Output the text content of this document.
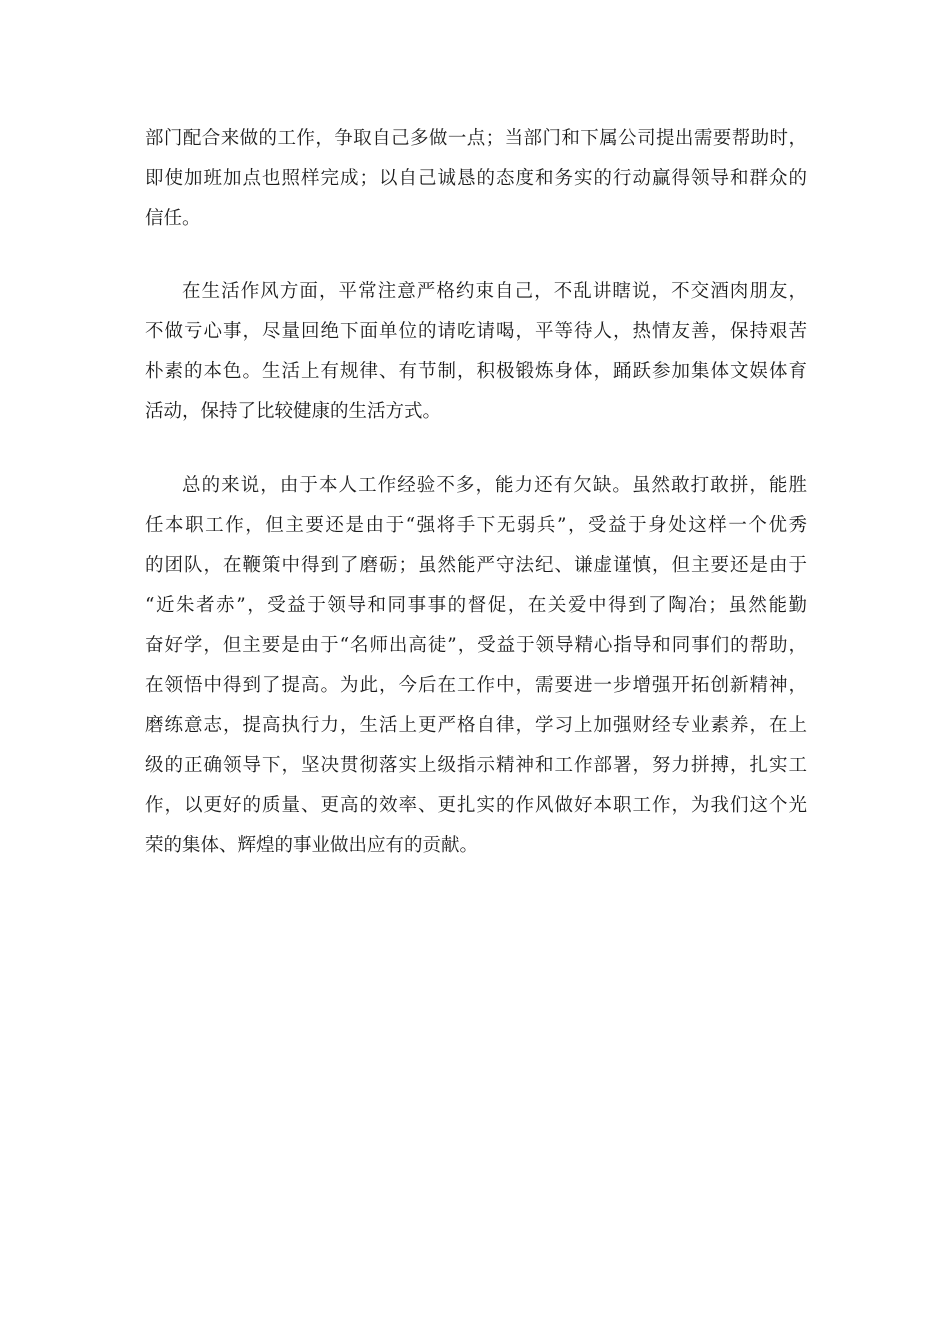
部门配合来做的工作，争取自己多做一点；当部门和下属公司提出需要帮助时，
即使加班加点也照样完成；以自己诚恳的态度和务实的行动赢得领导和群众的
信任。
在生活作风方面，平常注意严格约束自己，不乱讲瞎说，不交酒肉朋友，
不做亏心事，尽量回绝下面单位的请吃请喝，平等待人，热情友善，保持艰苦
朴素的本色。生活上有规律、有节制，积极锻炼身体，踊跃参加集体文娱体育
活动，保持了比较健康的生活方式。
总的来说，由于本人工作经验不多，能力还有欠缺。虽然敢打敢拼，能胜
任本职工作，但主要还是由于“强将手下无弱兵”，受益于身处这样一个优秀
的团队，在鞭策中得到了磨砺；虽然能严守法纪、谦虚谨慎，但主要还是由于
“近朱者赤”，受益于领导和同事事的督促，在关爱中得到了陶冶；虽然能勤
奋好学，但主要是由于“名师出高徒”，受益于领导精心指导和同事们的帮助，
在领悟中得到了提高。为此，今后在工作中，需要进一步增强开拓创新精神，
磨练意志，提高执行力，生活上更严格自律，学习上加强财经专业素养，在上
级的正确领导下，坚决贯彻落实上级指示精神和工作部署，努力拼搏，扎实工
作，以更好的质量、更高的效率、更扎实的作风做好本职工作，为我们这个光
荣的集体、辉煌的事业做出应有的贡献。
